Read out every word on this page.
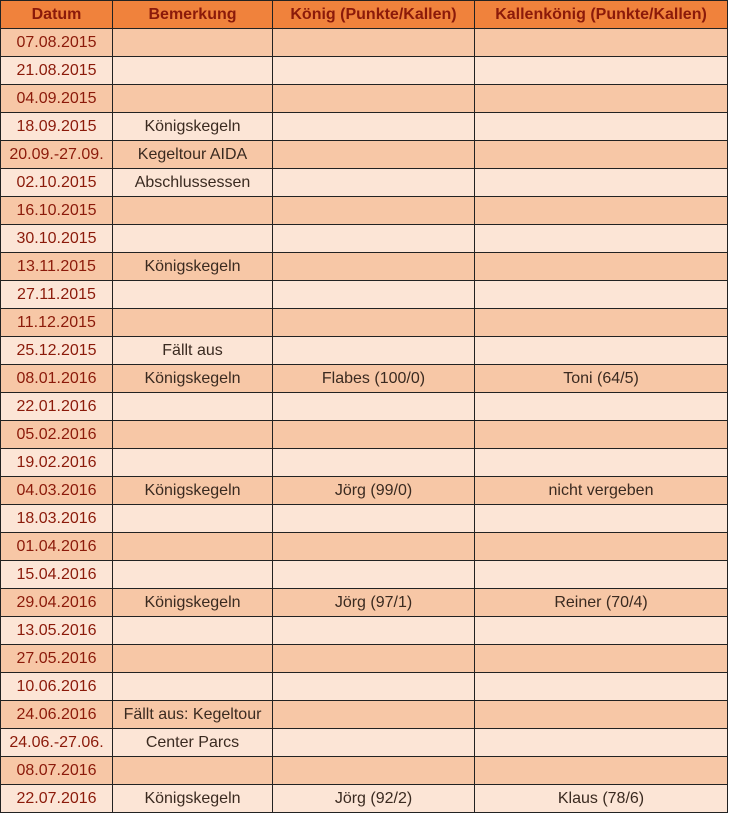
Datum	Bemerkung	König (Punkte/Kallen)	Kallenkönig (Punkte/Kallen)
07.08.2015			
21.08.2015			
04.09.2015			
18.09.2015	Königskegeln		
20.09.-27.09.	Kegeltour AIDA		
02.10.2015	Abschlussessen		
16.10.2015			
30.10.2015			
13.11.2015	Königskegeln		
27.11.2015			
11.12.2015			
25.12.2015	Fällt aus		
08.01.2016	Königskegeln	Flabes (100/0)	Toni (64/5)
22.01.2016			
05.02.2016			
19.02.2016			
04.03.2016	Königskegeln	Jörg (99/0)	nicht vergeben
18.03.2016			
01.04.2016			
15.04.2016			
29.04.2016	Königskegeln	Jörg (97/1)	Reiner (70/4)
13.05.2016			
27.05.2016			
10.06.2016			
24.06.2016	Fällt aus: Kegeltour		
24.06.-27.06.	Center Parcs		
08.07.2016			
22.07.2016	Königskegeln	Jörg (92/2)	Klaus (78/6)
